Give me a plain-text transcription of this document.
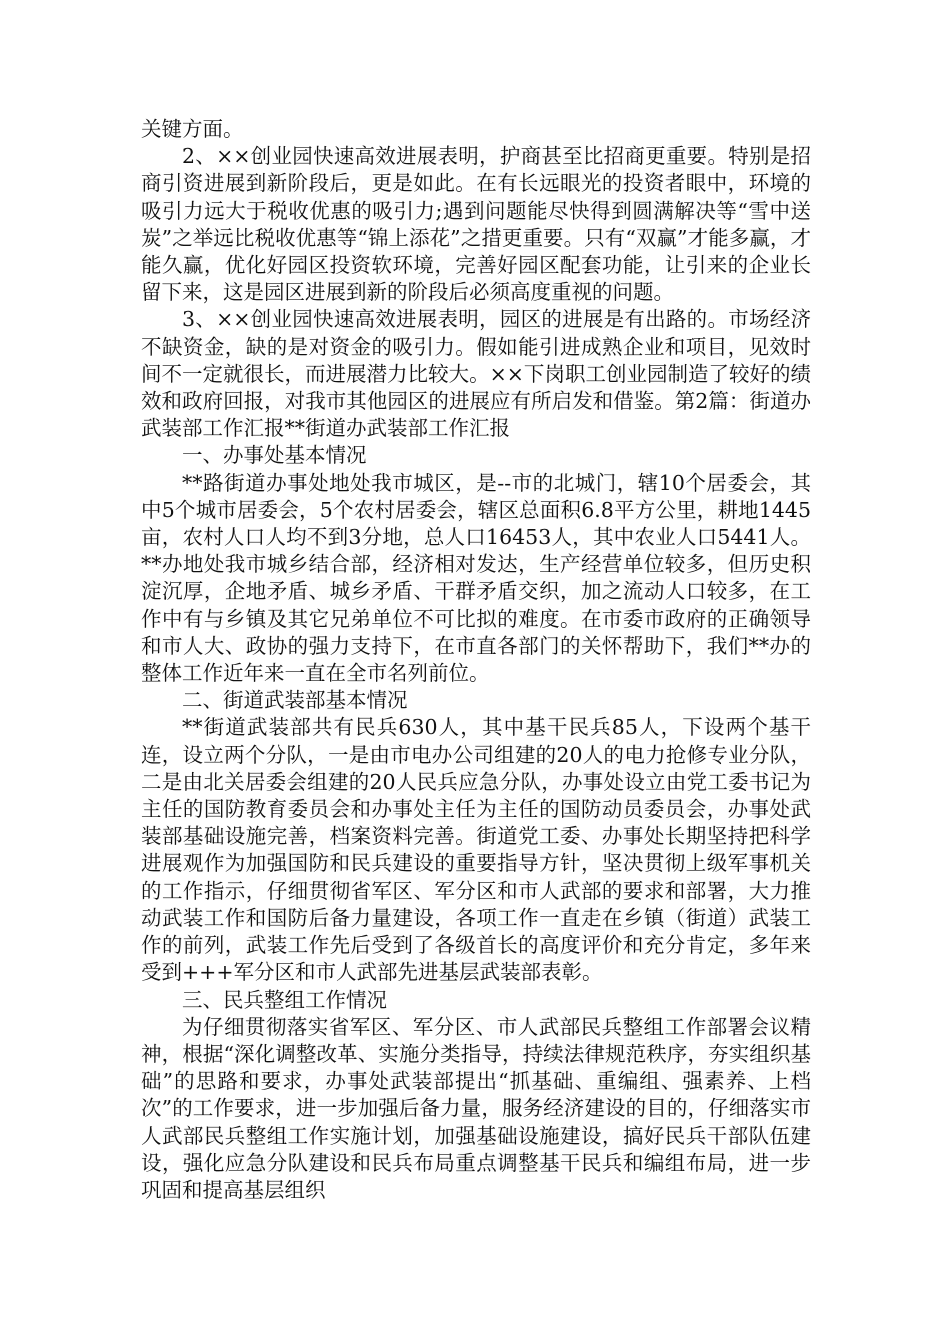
关键方面。

2、××创业园快速高效进展表明，护商甚至比招商更重要。特别是招商引资进展到新阶段后，更是如此。在有长远眼光的投资者眼中，环境的吸引力远大于税收优惠的吸引力;遇到问题能尽快得到圆满解决等“雪中送炭”之举远比税收优惠等“锦上添花”之措更重要。只有“双赢”才能多赢，才能久赢，优化好园区投资软环境，完善好园区配套功能，让引来的企业长留下来，这是园区进展到新的阶段后必须高度重视的问题。

3、××创业园快速高效进展表明，园区的进展是有出路的。市场经济不缺资金，缺的是对资金的吸引力。假如能引进成熟企业和项目，见效时间不一定就很长，而进展潜力比较大。××下岗职工创业园制造了较好的绩效和政府回报，对我市其他园区的进展应有所启发和借鉴。第2篇：街道办武装部工作汇报**街道办武装部工作汇报

一、办事处基本情况

**路街道办事处地处我市城区，是--市的北城门，辖10个居委会，其中5个城市居委会，5个农村居委会，辖区总面积6.8平方公里，耕地1445亩，农村人口人均不到3分地，总人口16453人，其中农业人口5441人。**办地处我市城乡结合部，经济相对发达，生产经营单位较多，但历史积淀沉厚，企地矛盾、城乡矛盾、干群矛盾交织，加之流动人口较多，在工作中有与乡镇及其它兄弟单位不可比拟的难度。在市委市政府的正确领导和市人大、政协的强力支持下，在市直各部门的关怀帮助下，我们**办的整体工作近年来一直在全市名列前位。

二、街道武装部基本情况

**街道武装部共有民兵630人，其中基干民兵85人，下设两个基干连，设立两个分队，一是由市电办公司组建的20人的电力抢修专业分队，二是由北关居委会组建的20人民兵应急分队，办事处设立由党工委书记为主任的国防教育委员会和办事处主任为主任的国防动员委员会，办事处武装部基础设施完善，档案资料完善。街道党工委、办事处长期坚持把科学进展观作为加强国防和民兵建设的重要指导方针，坚决贯彻上级军事机关的工作指示，仔细贯彻省军区、军分区和市人武部的要求和部署，大力推动武装工作和国防后备力量建设，各项工作一直走在乡镇（街道）武装工作的前列，武装工作先后受到了各级首长的高度评价和充分肯定，多年来受到+++军分区和市人武部先进基层武装部表彰。

三、民兵整组工作情况

为仔细贯彻落实省军区、军分区、市人武部民兵整组工作部署会议精神，根据“深化调整改革、实施分类指导，持续法律规范秩序，夯实组织基础”的思路和要求，办事处武装部提出“抓基础、重编组、强素养、上档次”的工作要求，进一步加强后备力量，服务经济建设的目的，仔细落实市人武部民兵整组工作实施计划，加强基础设施建设，搞好民兵干部队伍建设，强化应急分队建设和民兵布局重点调整基干民兵和编组布局，进一步巩固和提高基层组织
